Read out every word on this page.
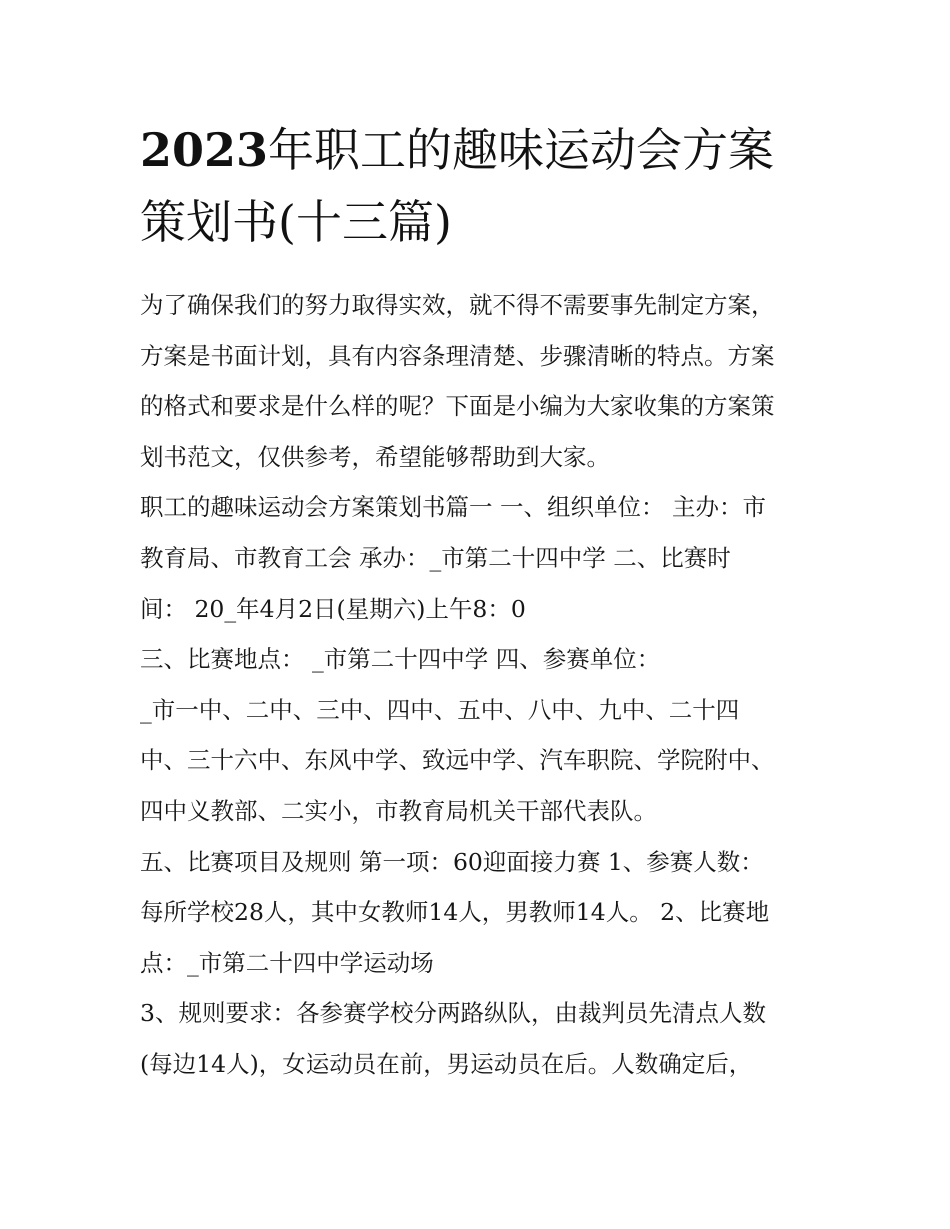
2023年职工的趣味运动会方案
策划书(十三篇)
为了确保我们的努力取得实效，就不得不需要事先制定方案，
方案是书面计划，具有内容条理清楚、步骤清晰的特点。方案
的格式和要求是什么样的呢？下面是小编为大家收集的方案策
划书范文，仅供参考，希望能够帮助到大家。
职工的趣味运动会方案策划书篇一 一、组织单位： 主办：市
教育局、市教育工会 承办：_市第二十四中学 二、比赛时
间： 20_年4月2日(星期六)上午8：0
三、比赛地点： _市第二十四中学 四、参赛单位：
_市一中、二中、三中、四中、五中、八中、九中、二十四
中、三十六中、东风中学、致远中学、汽车职院、学院附中、
四中义教部、二实小，市教育局机关干部代表队。
五、比赛项目及规则 第一项：60迎面接力赛 1、参赛人数：
每所学校28人，其中女教师14人，男教师14人。 2、比赛地
点：_市第二十四中学运动场
3、规则要求：各参赛学校分两路纵队，由裁判员先清点人数
(每边14人)，女运动员在前，男运动员在后。人数确定后，
